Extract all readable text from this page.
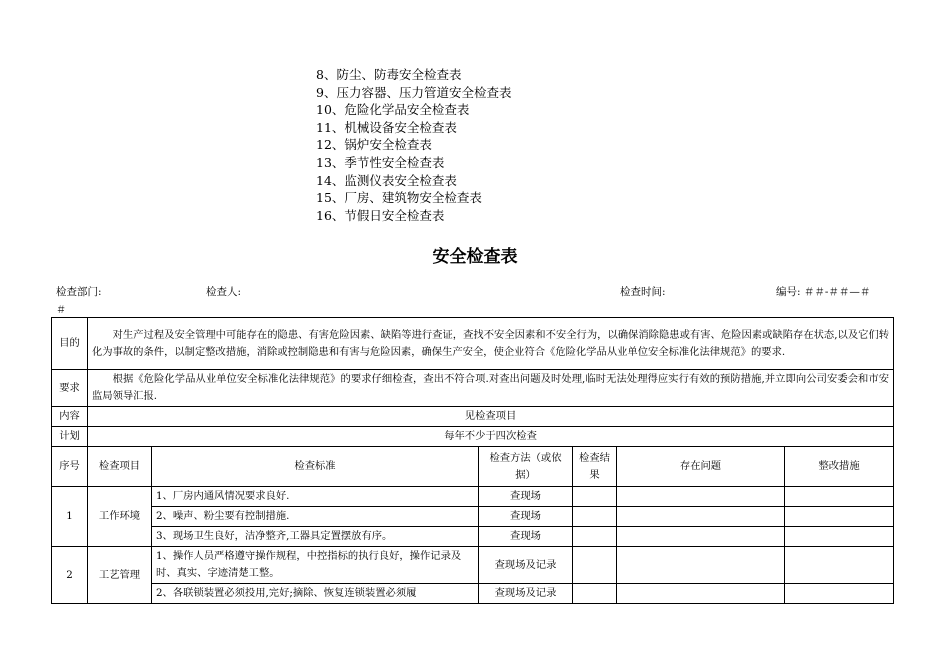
8、防尘、防毒安全检查表
9、压力容器、压力管道安全检查表
10、危险化学品安全检查表
11、机械设备安全检查表
12、锅炉安全检查表
13、季节性安全检查表
14、监测仪表安全检查表
15、厂房、建筑物安全检查表
16、节假日安全检查表
安全检查表
检查部门:	检查人:	检查时间:	编号: ＃＃-＃＃—＃
＃
目的	对生产过程及安全管理中可能存在的隐患、有害危险因素、缺陷等进行查证，查找不安全因素和不安全行为，以确保消除隐患或有害、危险因素或缺陷存在状态,以及它们转化为事故的条件，以制定整改措施，消除或控制隐患和有害与危险因素，确保生产安全，使企业符合《危险化学品从业单位安全标准化法律规范》的要求.					
要求	根据《危险化学品从业单位安全标准化法律规范》的要求仔细检查，查出不符合项.对查出问题及时处理,临时无法处理得应实行有效的预防措施,并立即向公司安委会和市安监局领导汇报.					
内容	见检查项目					
计划	每年不少于四次检查					
序号	检查项目	检查标准	检查方法（或依据）	检查结果	存在问题	整改措施
1	工作环境	1、厂房内通风情况要求良好.	查现场			
		2、噪声、粉尘要有控制措施.	查现场			
		3、现场卫生良好，洁净整齐,工器具定置摆放有序。	查现场			
2	工艺管理	1、操作人员严格遵守操作规程，中控指标的执行良好，操作记录及时、真实、字迹清楚工整。	查现场及记录			
		2、各联锁装置必须投用,完好;摘除、恢复连锁装置必须履	查现场及记录			
